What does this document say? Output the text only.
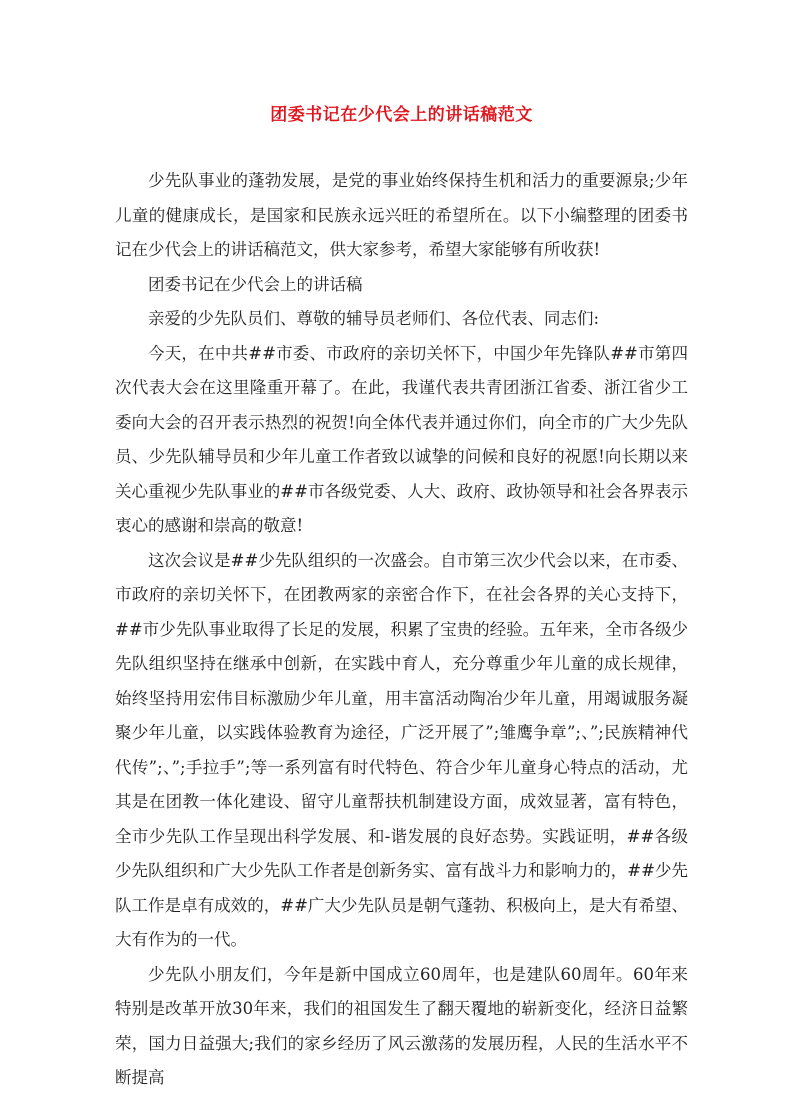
团委书记在少代会上的讲话稿范文

少先队事业的蓬勃发展，是党的事业始终保持生机和活力的重要源泉;少年儿童的健康成长，是国家和民族永远兴旺的希望所在。以下小编整理的团委书记在少代会上的讲话稿范文，供大家参考，希望大家能够有所收获!

团委书记在少代会上的讲话稿

亲爱的少先队员们、尊敬的辅导员老师们、各位代表、同志们:

今天，在中共##市委、市政府的亲切关怀下，中国少年先锋队##市第四次代表大会在这里隆重开幕了。在此，我谨代表共青团浙江省委、浙江省少工委向大会的召开表示热烈的祝贺!向全体代表并通过你们，向全市的广大少先队员、少先队辅导员和少年儿童工作者致以诚挚的问候和良好的祝愿!向长期以来关心重视少先队事业的##市各级党委、人大、政府、政协领导和社会各界表示衷心的感谢和崇高的敬意!

这次会议是##少先队组织的一次盛会。自市第三次少代会以来，在市委、市政府的亲切关怀下，在团教两家的亲密合作下，在社会各界的关心支持下，##市少先队事业取得了长足的发展，积累了宝贵的经验。五年来，全市各级少先队组织坚持在继承中创新，在实践中育人，充分尊重少年儿童的成长规律，始终坚持用宏伟目标激励少年儿童，用丰富活动陶冶少年儿童，用竭诚服务凝聚少年儿童，以实践体验教育为途径，广泛开展了”;雏鹰争章”;、”;民族精神代代传”;、”;手拉手”;等一系列富有时代特色、符合少年儿童身心特点的活动，尤其是在团教一体化建设、留守儿童帮扶机制建设方面，成效显著，富有特色，全市少先队工作呈现出科学发展、和-谐发展的良好态势。实践证明，##各级少先队组织和广大少先队工作者是创新务实、富有战斗力和影响力的，##少先队工作是卓有成效的，##广大少先队员是朝气蓬勃、积极向上，是大有希望、大有作为的一代。

少先队小朋友们，今年是新中国成立60周年，也是建队60周年。60年来特别是改革开放30年来，我们的祖国发生了翻天覆地的崭新变化，经济日益繁荣，国力日益强大;我们的家乡经历了风云激荡的发展历程，人民的生活水平不断提高
